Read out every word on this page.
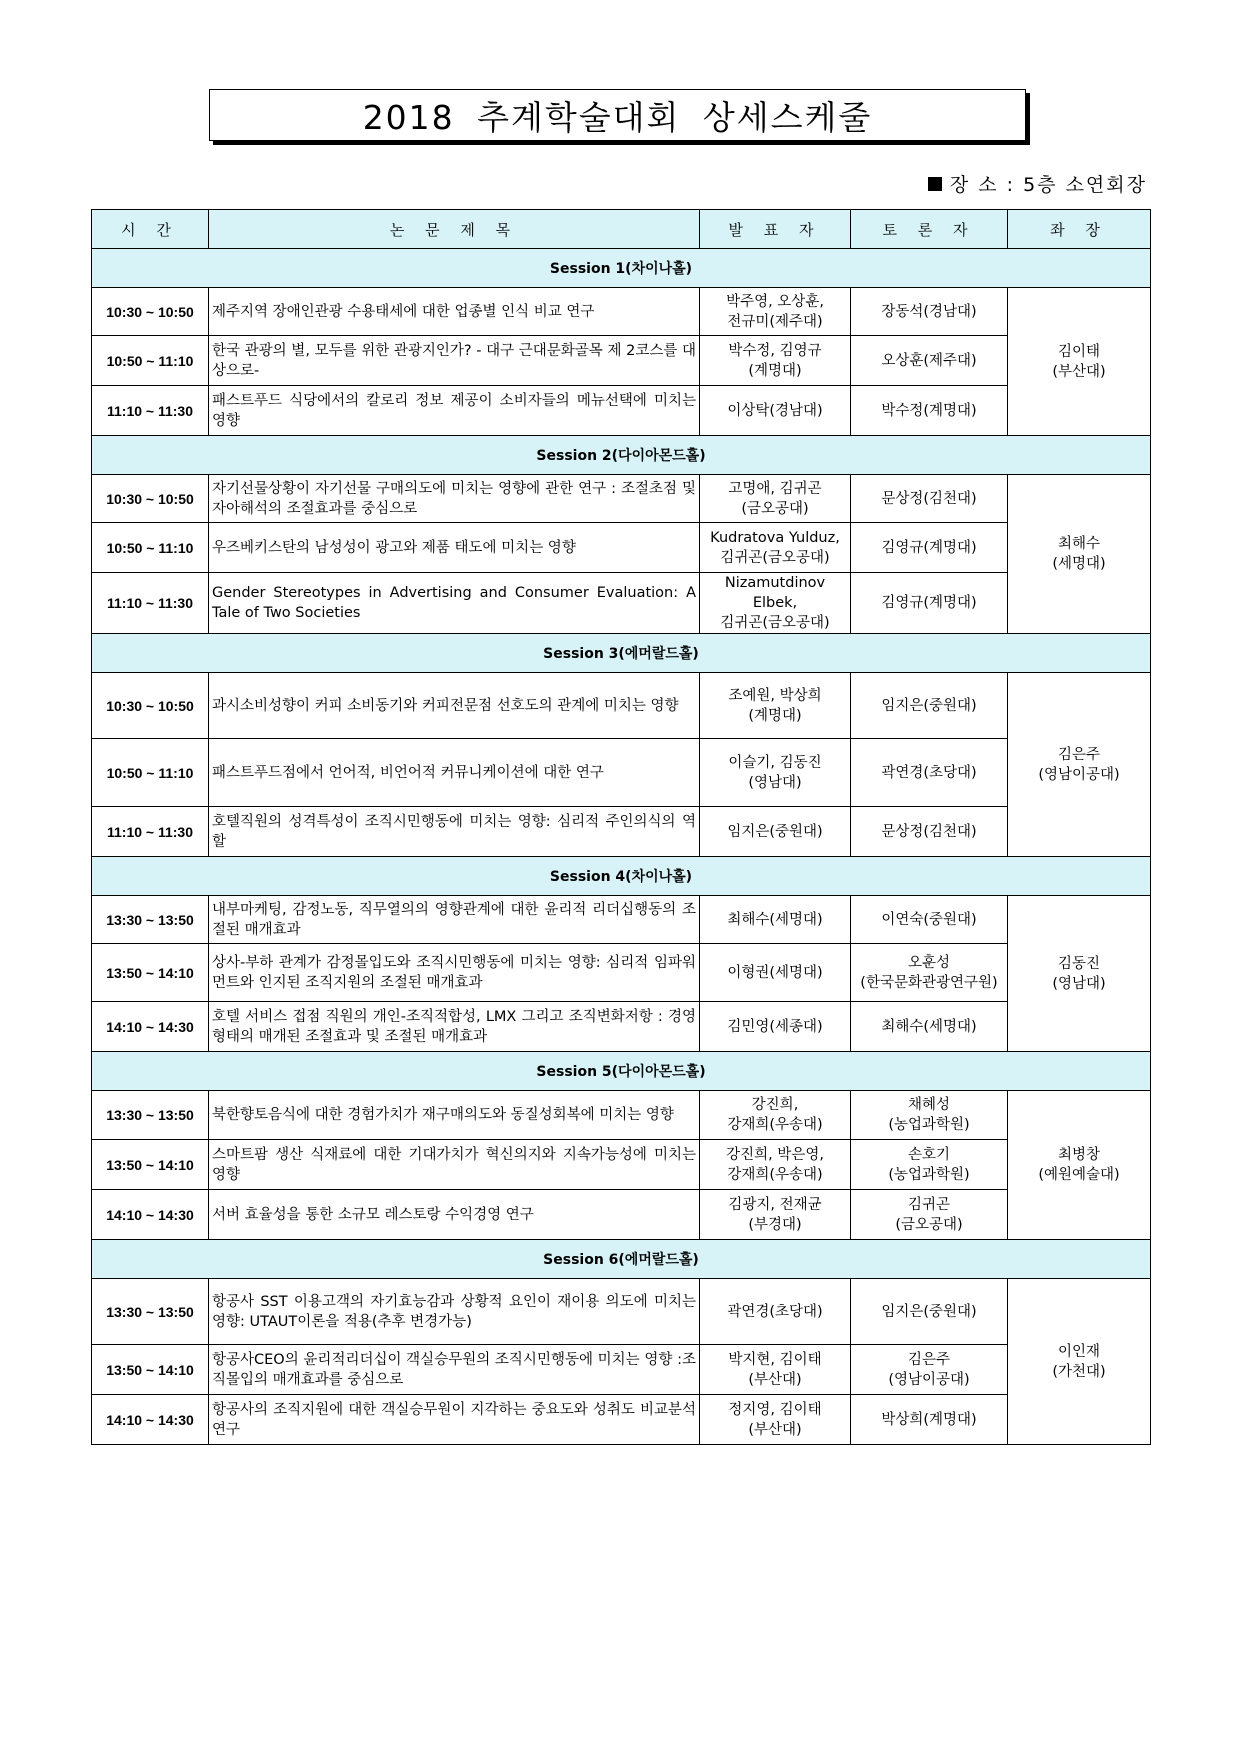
2018 추계학술대회 상세스케줄
장 소 : 5층 소연회장
시 간	논 문 제 목	발 표 자	토 론 자	좌 장
Session 1(차이나홀)				
10:30 ~ 10:50	제주지역 장애인관광 수용태세에 대한 업종별 인식 비교 연구	박주영, 오상훈,
전규미(제주대)	장동석(경남대)	김이태
(부산대)
10:50 ~ 11:10	한국 관광의 별, 모두를 위한 관광지인가? - 대구 근대문화골목 제 2코스를 대상으로-	박수정, 김영규
(계명대)	오상훈(제주대)	
11:10 ~ 11:30	패스트푸드 식당에서의 칼로리 정보 제공이 소비자들의 메뉴선택에 미치는 영향	이상탁(경남대)	박수정(계명대)	
Session 2(다이아몬드홀)				
10:30 ~ 10:50	자기선물상황이 자기선물 구매의도에 미치는 영향에 관한 연구 : 조절초점 및 자아해석의 조절효과를 중심으로	고명애, 김귀곤
(금오공대)	문상정(김천대)	최해수
(세명대)
10:50 ~ 11:10	우즈베키스탄의 남성성이 광고와 제품 태도에 미치는 영향	Kudratova Yulduz,
김귀곤(금오공대)	김영규(계명대)	
11:10 ~ 11:30	Gender Stereotypes in Advertising and Consumer Evaluation: A Tale of Two Societies	Nizamutdinov Elbek,
김귀곤(금오공대)	김영규(계명대)	
Session 3(에머랄드홀)				
10:30 ~ 10:50	과시소비성향이 커피 소비동기와 커피전문점 선호도의 관계에 미치는 영향	조예원, 박상희
(계명대)	임지은(중원대)	김은주
(영남이공대)
10:50 ~ 11:10	패스트푸드점에서 언어적, 비언어적 커뮤니케이션에 대한 연구	이슬기, 김동진
(영남대)	곽연경(초당대)	
11:10 ~ 11:30	호텔직원의 성격특성이 조직시민행동에 미치는 영향: 심리적 주인의식의 역할	임지은(중원대)	문상정(김천대)	
Session 4(차이나홀)				
13:30 ~ 13:50	내부마케팅, 감정노동, 직무열의의 영향관계에 대한 윤리적 리더십행동의 조절된 매개효과	최해수(세명대)	이연숙(중원대)	김동진
(영남대)
13:50 ~ 14:10	상사-부하 관계가 감정몰입도와 조직시민행동에 미치는 영향: 심리적 임파워먼트와 인지된 조직지원의 조절된 매개효과	이형권(세명대)	오훈성
(한국문화관광연구원)	
14:10 ~ 14:30	호텔 서비스 접점 직원의 개인-조직적합성, LMX 그리고 조직변화저항 : 경영형태의 매개된 조절효과 및 조절된 매개효과	김민영(세종대)	최해수(세명대)	
Session 5(다이아몬드홀)				
13:30 ~ 13:50	북한향토음식에 대한 경험가치가 재구매의도와 동질성회복에 미치는 영향	강진희,
강재희(우송대)	채혜성
(농업과학원)	최병창
(예원예술대)
13:50 ~ 14:10	스마트팜 생산 식재료에 대한 기대가치가 혁신의지와 지속가능성에 미치는 영향	강진희, 박은영,
강재희(우송대)	손호기
(농업과학원)	
14:10 ~ 14:30	서버 효율성을 통한 소규모 레스토랑 수익경영 연구	김광지, 전재균
(부경대)	김귀곤
(금오공대)	
Session 6(에머랄드홀)				
13:30 ~ 13:50	항공사 SST 이용고객의 자기효능감과 상황적 요인이 재이용 의도에 미치는 영향: UTAUT이론을 적용(추후 변경가능)	곽연경(초당대)	임지은(중원대)	이인재
(가천대)
13:50 ~ 14:10	항공사CEO의 윤리적리더십이 객실승무원의 조직시민행동에 미치는 영향 :조직몰입의 매개효과를 중심으로	박지현, 김이태
(부산대)	김은주
(영남이공대)	
14:10 ~ 14:30	항공사의 조직지원에 대한 객실승무원이 지각하는 중요도와 성취도 비교분석 연구	정지영, 김이태
(부산대)	박상희(계명대)	
